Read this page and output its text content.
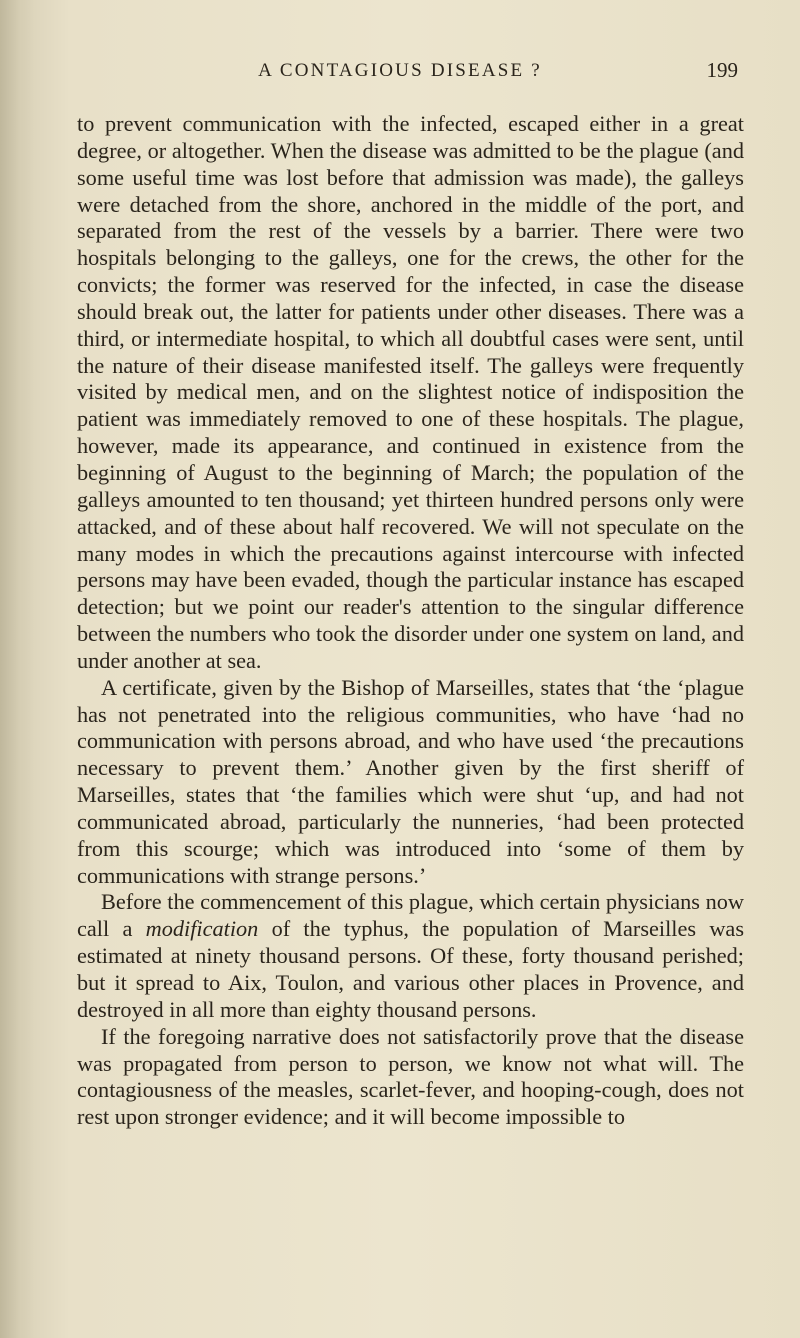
A CONTAGIOUS DISEASE ?	199

to prevent communication with the infected, escaped either in a great degree, or altogether. When the disease was admitted to be the plague (and some useful time was lost before that admission was made), the galleys were detached from the shore, anchored in the middle of the port, and separated from the rest of the vessels by a barrier. There were two hospitals belonging to the galleys, one for the crews, the other for the convicts; the former was reserved for the infected, in case the disease should break out, the latter for patients under other diseases. There was a third, or intermediate hospital, to which all doubtful cases were sent, until the nature of their disease manifested itself. The galleys were frequently visited by medical men, and on the slightest notice of indisposition the patient was immediately removed to one of these hospitals. The plague, however, made its appearance, and continued in existence from the beginning of August to the beginning of March; the population of the galleys amounted to ten thousand; yet thirteen hundred persons only were attacked, and of these about half recovered. We will not speculate on the many modes in which the precautions against intercourse with infected persons may have been evaded, though the particular instance has escaped detection; but we point our reader's attention to the singular difference between the numbers who took the disorder under one system on land, and under another at sea.

A certificate, given by the Bishop of Marseilles, states that ‘the ‘plague has not penetrated into the religious communities, who have ‘had no communication with persons abroad, and who have used ‘the precautions necessary to prevent them.’ Another given by the first sheriff of Marseilles, states that ‘the families which were shut ‘up, and had not communicated abroad, particularly the nunneries, ‘had been protected from this scourge; which was introduced into ‘some of them by communications with strange persons.’

Before the commencement of this plague, which certain physicians now call a modification of the typhus, the population of Marseilles was estimated at ninety thousand persons. Of these, forty thousand perished; but it spread to Aix, Toulon, and various other places in Provence, and destroyed in all more than eighty thousand persons.

If the foregoing narrative does not satisfactorily prove that the disease was propagated from person to person, we know not what will. The contagiousness of the measles, scarlet-fever, and hooping-cough, does not rest upon stronger evidence; and it will become impossible to
